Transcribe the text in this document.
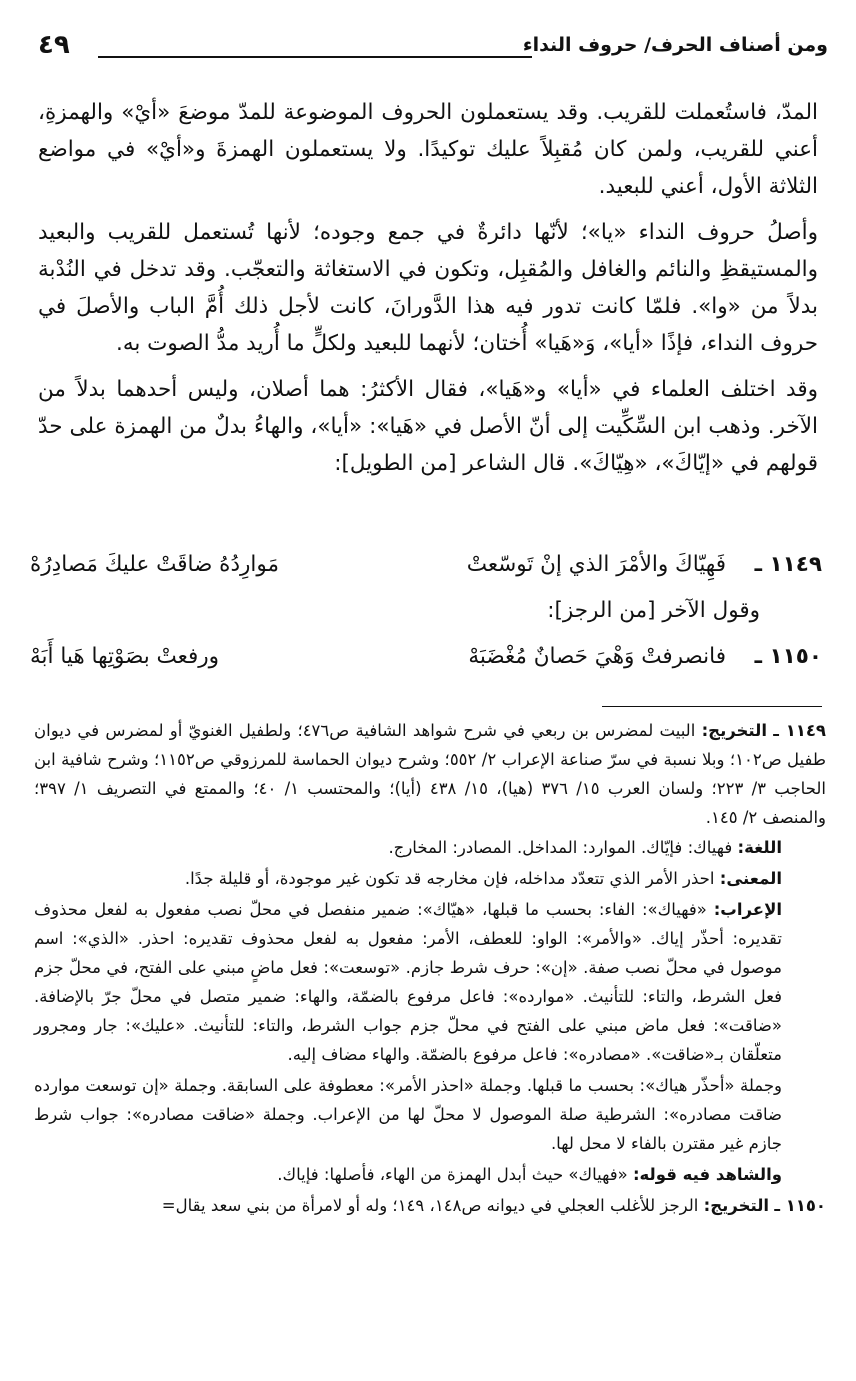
ومن أصناف الحرف/ حروف النداء
٤٩

المدّ، فاستُعملت للقريب. وقد يستعملون الحروف الموضوعة للمدّ موضعَ «أيْ» والهمزةِ، أعني للقريب، ولمن كان مُقبِلاً عليك توكيدًا. ولا يستعملون الهمزةَ و«أيْ» في مواضع الثلاثة الأول، أعني للبعيد.

وأصلُ حروف النداء «يا»؛ لأنّها دائرةٌ في جمع وجوده؛ لأنها تُستعمل للقريب والبعيد والمستيقظِ والنائم والغافل والمُقبِل، وتكون في الاستغاثة والتعجّب. وقد تدخل في النُدْبة بدلاً من «وا». فلمّا كانت تدور فيه هذا الدَّورانَ، كانت لأجل ذلك أُمَّ الباب والأصلَ في حروف النداء، فإذًا «أيا»، وَ«هَيا» أُختان؛ لأنهما للبعيد ولكلٍّ ما أُريد مدُّ الصوت به.

وقد اختلف العلماء في «أيا» و«هَيا»، فقال الأكثرُ: هما أصلان، وليس أحدهما بدلاً من الآخر. وذهب ابن السِّكِّيت إلى أنّ الأصل في «هَيا»: «أيا»، والهاءُ بدلٌ من الهمزة على حدّ قولهم في «إيّاكَ»، «هِيّاكَ». قال الشاعر [من الطويل]:

١١٤٩ ـ
فَهِيّاكَ والأمْرَ الذي إنْ تَوسّعتْ
مَوارِدُهُ ضاقَتْ عليكَ مَصادِرُهْ
وقول الآخر [من الرجز]:
١١٥٠ ـ
فانصرفتْ وَهْيَ حَصانٌ مُغْضَبَهْ
ورفعتْ بصَوْتِها هَيا أَبَهْ

١١٤٩ ـ التخريج: البيت لمضرس بن ربعي في شرح شواهد الشافية ص٤٧٦؛ ولطفيل الغنويّ أو لمضرس في ديوان طفيل ص١٠٢؛ وبلا نسبة في سرّ صناعة الإعراب ٢/ ٥٥٢؛ وشرح ديوان الحماسة للمرزوقي ص١١٥٢؛ وشرح شافية ابن الحاجب ٣/ ٢٢٣؛ ولسان العرب ١٥/ ٣٧٦ (هيا)، ١٥/ ٤٣٨ (أيا)؛ والمحتسب ١/ ٤٠؛ والممتع في التصريف ١/ ٣٩٧؛ والمنصف ٢/ ١٤٥.

اللغة: فهياك: فإيّاك. الموارد: المداخل. المصادر: المخارج.

المعنى: احذر الأمر الذي تتعدّد مداخله، فإن مخارجه قد تكون غير موجودة، أو قليلة جدًا.

الإعراب: «فهياك»: الفاء: بحسب ما قبلها، «هيّاك»: ضمير منفصل في محلّ نصب مفعول به لفعل محذوف تقديره: أحذّر إياك. «والأمر»: الواو: للعطف، الأمر: مفعول به لفعل محذوف تقديره: احذر. «الذي»: اسم موصول في محلّ نصب صفة. «إن»: حرف شرط جازم. «توسعت»: فعل ماضٍ مبني على الفتح، في محلّ جزم فعل الشرط، والتاء: للتأنيث. «موارده»: فاعل مرفوع بالضمّة، والهاء: ضمير متصل في محلّ جرّ بالإضافة. «ضاقت»: فعل ماض مبني على الفتح في محلّ جزم جواب الشرط، والتاء: للتأنيث. «عليك»: جار ومجرور متعلّقان بـ«ضاقت». «مصادره»: فاعل مرفوع بالضمّة. والهاء مضاف إليه.

وجملة «أحذّر هياك»: بحسب ما قبلها. وجملة «احذر الأمر»: معطوفة على السابقة. وجملة «إن توسعت موارده ضاقت مصادره»: الشرطية صلة الموصول لا محلّ لها من الإعراب. وجملة «ضاقت مصادره»: جواب شرط جازم غير مقترن بالفاء لا محل لها.

والشاهد فيه قوله: «فهياك» حيث أبدل الهمزة من الهاء، فأصلها: فإياك.

١١٥٠ ـ التخريج: الرجز للأغلب العجلي في ديوانه ص١٤٨، ١٤٩؛ وله أو لامرأة من بني سعد يقال=
